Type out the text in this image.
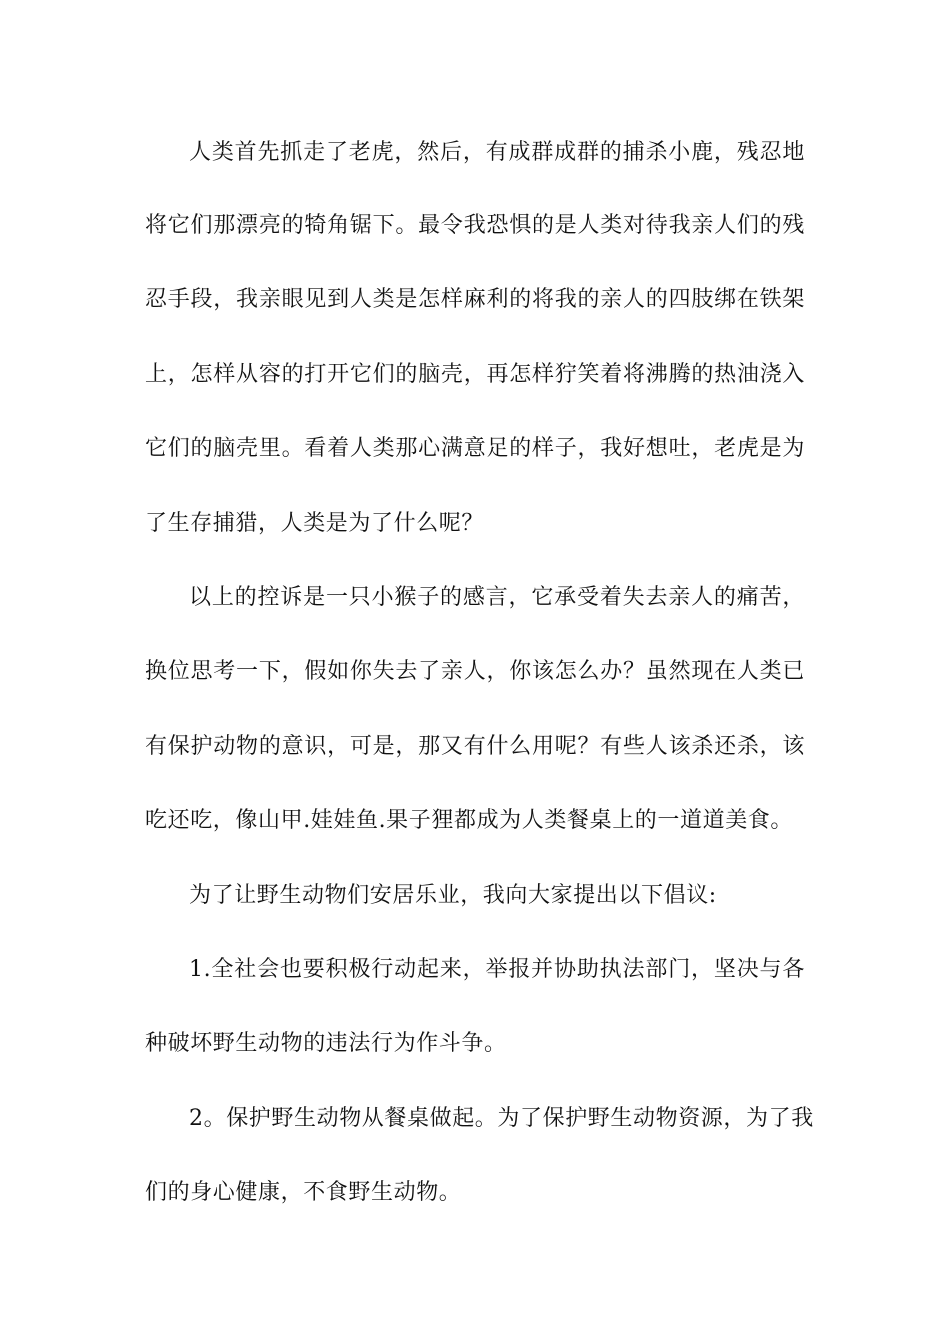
人类首先抓走了老虎，然后，有成群成群的捕杀小鹿，残忍地
将它们那漂亮的犄角锯下。最令我恐惧的是人类对待我亲人们的残
忍手段，我亲眼见到人类是怎样麻利的将我的亲人的四肢绑在铁架
上，怎样从容的打开它们的脑壳，再怎样狞笑着将沸腾的热油浇入
它们的脑壳里。看着人类那心满意足的样子，我好想吐，老虎是为
了生存捕猎，人类是为了什么呢？
以上的控诉是一只小猴子的感言，它承受着失去亲人的痛苦，
换位思考一下，假如你失去了亲人，你该怎么办？虽然现在人类已
有保护动物的意识，可是，那又有什么用呢？有些人该杀还杀，该
吃还吃，像山甲.娃娃鱼.果子狸都成为人类餐桌上的一道道美食。
为了让野生动物们安居乐业，我向大家提出以下倡议:
1.全社会也要积极行动起来，举报并协助执法部门，坚决与各
种破坏野生动物的违法行为作斗争。
2。保护野生动物从餐桌做起。为了保护野生动物资源，为了我
们的身心健康，不食野生动物。
